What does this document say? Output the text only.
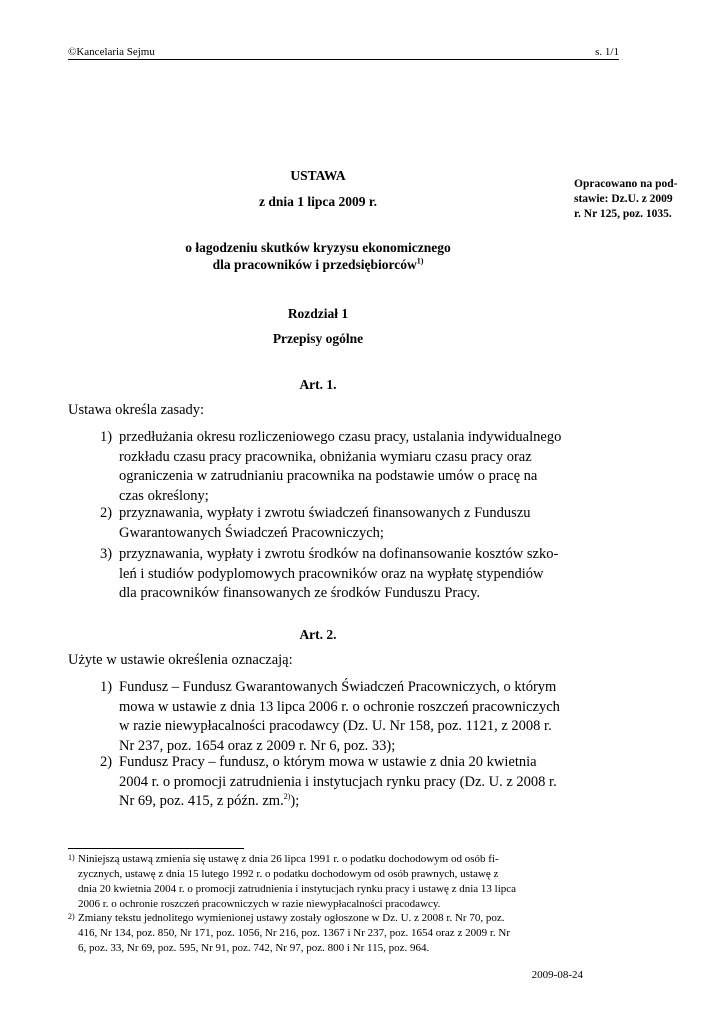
©Kancelaria Sejmu	s. 1/1
Opracowano na pod-
stawie: Dz.U. z 2009
r. Nr 125, poz. 1035.
USTAWA
z dnia 1 lipca 2009 r.
o łagodzeniu skutków kryzysu ekonomicznego
dla pracowników i przedsiębiorców$^{1)}$
Rozdział 1
Przepisy ogólne
Art. 1.
Ustawa określa zasady:
1) przedłużania okresu rozliczeniowego czasu pracy, ustalania indywidualnego
rozkładu czasu pracy pracownika, obniżania wymiaru czasu pracy oraz
ograniczenia w zatrudnianiu pracownika na podstawie umów o pracę na
czas określony;
2) przyznawania, wypłaty i zwrotu świadczeń finansowanych z Funduszu
Gwarantowanych Świadczeń Pracowniczych;
3) przyznawania, wypłaty i zwrotu środków na dofinansowanie kosztów szko-
leń i studiów podyplomowych pracowników oraz na wypłatę stypendiów
dla pracowników finansowanych ze środków Funduszu Pracy.
Art. 2.
Użyte w ustawie określenia oznaczają:
1) Fundusz – Fundusz Gwarantowanych Świadczeń Pracowniczych, o którym
mowa w ustawie z dnia 13 lipca 2006 r. o ochronie roszczeń pracowniczych
w razie niewypłacalności pracodawcy (Dz. U. Nr 158, poz. 1121, z 2008 r.
Nr 237, poz. 1654 oraz z 2009 r. Nr 6, poz. 33);
2) Fundusz Pracy – fundusz, o którym mowa w ustawie z dnia 20 kwietnia
2004 r. o promocji zatrudnienia i instytucjach rynku pracy (Dz. U. z 2008 r.
Nr 69, poz. 415, z późn. zm.$^{2)}$);
1) Niniejszą ustawą zmienia się ustawę z dnia 26 lipca 1991 r. o podatku dochodowym od osób fi-
zycznych, ustawę z dnia 15 lutego 1992 r. o podatku dochodowym od osób prawnych, ustawę z
dnia 20 kwietnia 2004 r. o promocji zatrudnienia i instytucjach rynku pracy i ustawę z dnia 13 lipca
2006 r. o ochronie roszczeń pracowniczych w razie niewypłacalności pracodawcy.
2) Zmiany tekstu jednolitego wymienionej ustawy zostały ogłoszone w Dz. U. z 2008 r. Nr 70, poz.
416, Nr 134, poz. 850, Nr 171, poz. 1056, Nr 216, poz. 1367 i Nr 237, poz. 1654 oraz z 2009 r. Nr
6, poz. 33, Nr 69, poz. 595, Nr 91, poz. 742, Nr 97, poz. 800 i Nr 115, poz. 964.
2009-08-24
